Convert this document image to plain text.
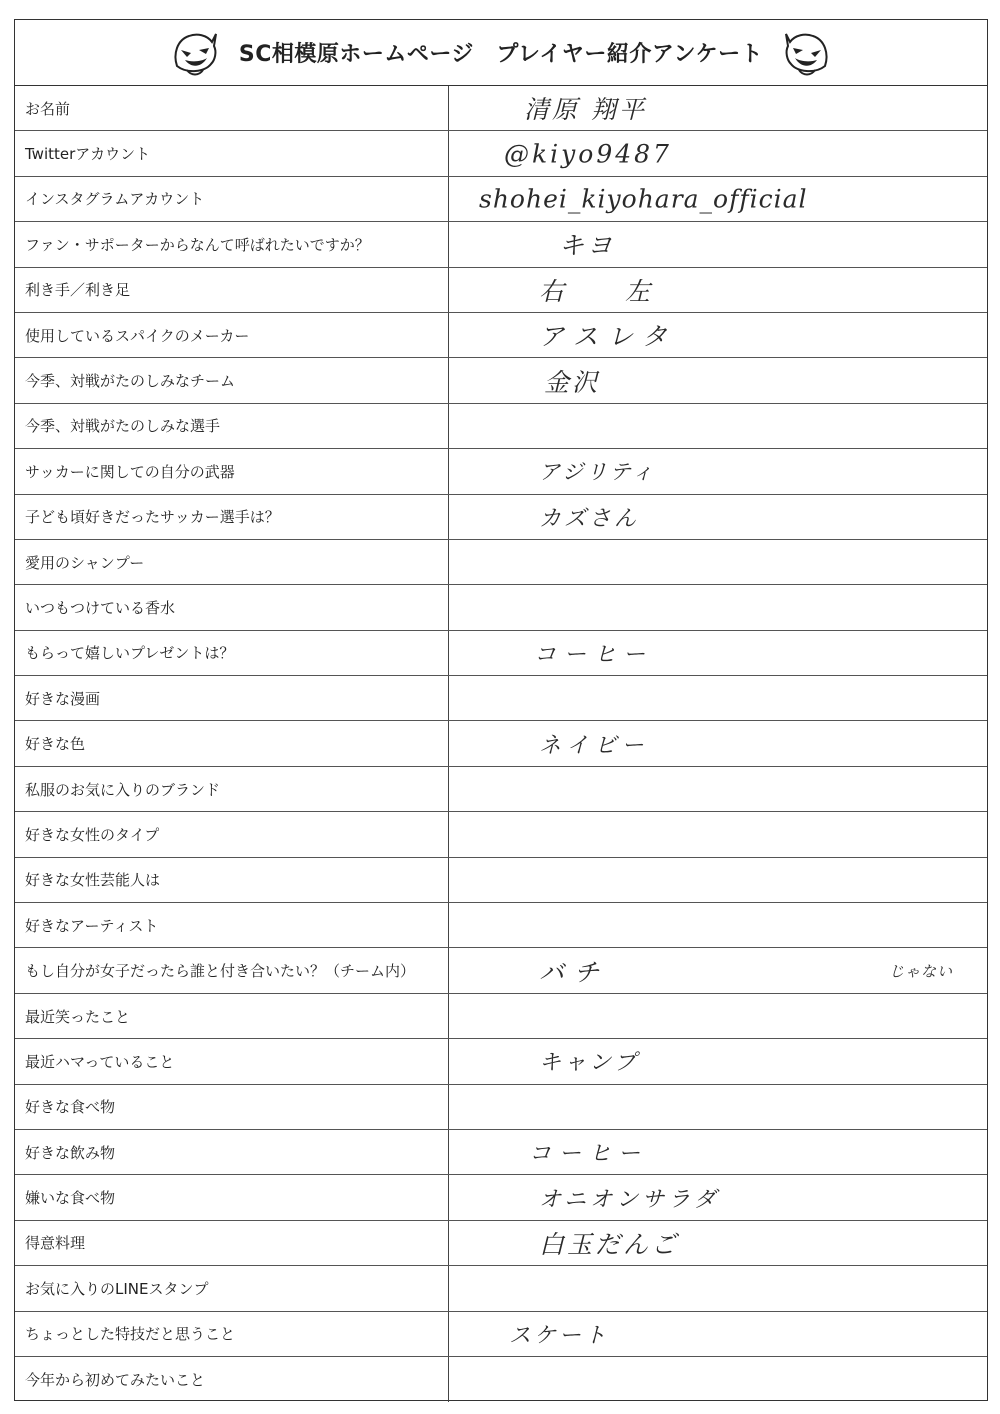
SC相模原ホームページ　プレイヤー紹介アンケート
お名前	清原 翔平
Twitterアカウント	@kiyo9487
インスタグラムアカウント	shohei_kiyohara_official
ファン・サポーターからなんて呼ばれたいですか？	キヨ
利き手／利き足	右　左
使用しているスパイクのメーカー	アスレタ
今季、対戦がたのしみなチーム	金沢
今季、対戦がたのしみな選手
サッカーに関しての自分の武器	アジリティ
子ども頃好きだったサッカー選手は？	カズさん
愛用のシャンプー
いつもつけている香水
もらって嬉しいプレゼントは？	コーヒー
好きな漫画
好きな色	ネイビー
私服のお気に入りのブランド
好きな女性のタイプ
好きな女性芸能人は
好きなアーティスト
もし自分が女子だったら誰と付き合いたい？（チーム内）	バチ	じゃない
最近笑ったこと
最近ハマっていること	キャンプ
好きな食べ物
好きな飲み物	コーヒー
嫌いな食べ物	オニオンサラダ
得意料理	白玉だんご
お気に入りのLINEスタンプ
ちょっとした特技だと思うこと	スケート
今年から初めてみたいこと
